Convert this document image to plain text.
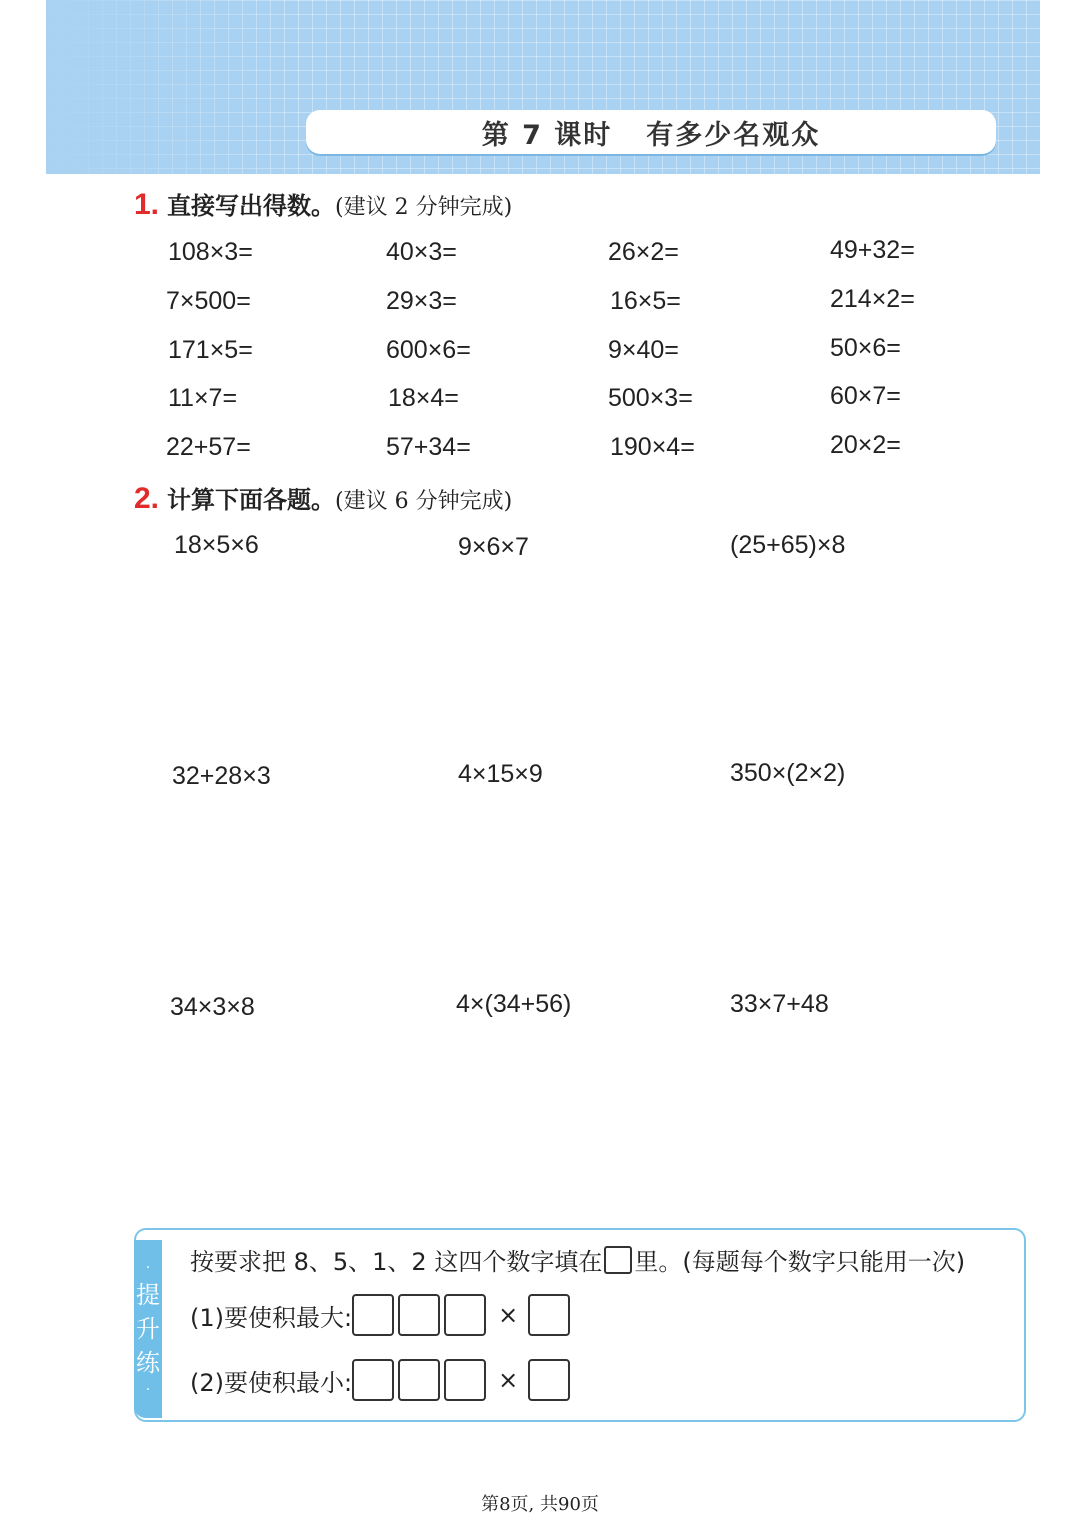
第 7 课时 有多少名观众
1. 直接写出得数。 (建议 2 分钟完成)
108×3=	40×3=	26×2=	49+32=
7×500=	29×3=	16×5=	214×2=
171×5=	600×6=	9×40=	50×6=
11×7=	18×4=	500×3=	60×7=
22+57=	57+34=	190×4=	20×2=
2. 计算下面各题。 (建议 6 分钟完成)
18×5×6	9×6×7	(25+65)×8
32+28×3	4×15×9	350×(2×2)
34×3×8	4×(34+56)	33×7+48
·
提
升
练
·
按要求把 8、5、1、2 这四个数字填在 里。(每题每个数字只能用一次)
(1)要使积最大:	×
(2)要使积最小:	×
第8页, 共90页
